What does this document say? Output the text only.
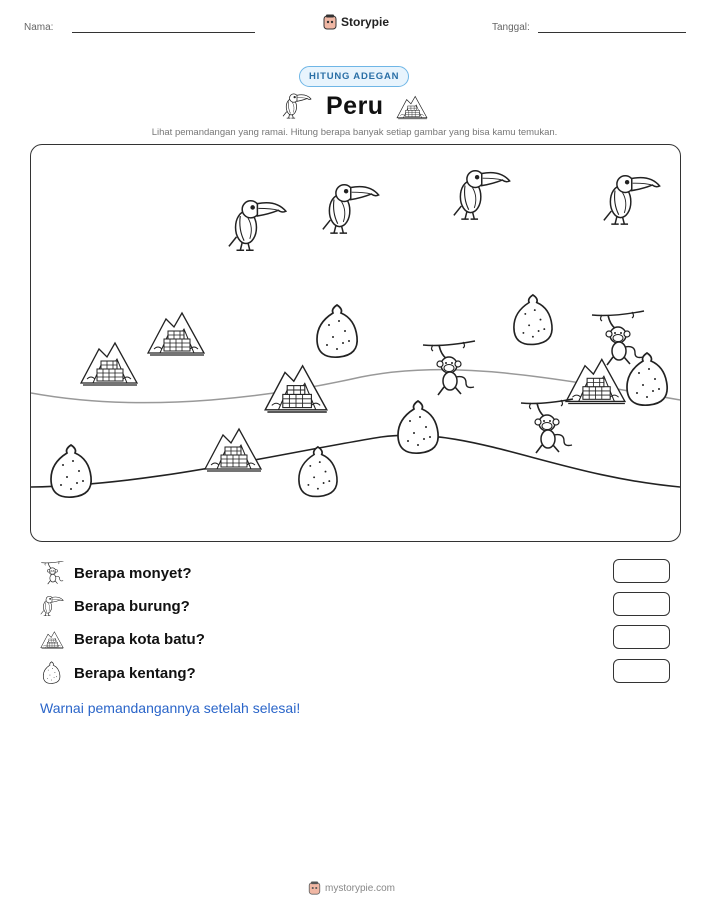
Nama:	Storypie	Tanggal:
HITUNG ADEGAN
Peru
Lihat pemandangan yang ramai. Hitung berapa banyak setiap gambar yang bisa kamu temukan.
Berapa monyet?
Berapa burung?
Berapa kota batu?
Berapa kentang?
Warnai pemandangannya setelah selesai!
mystorypie.com
